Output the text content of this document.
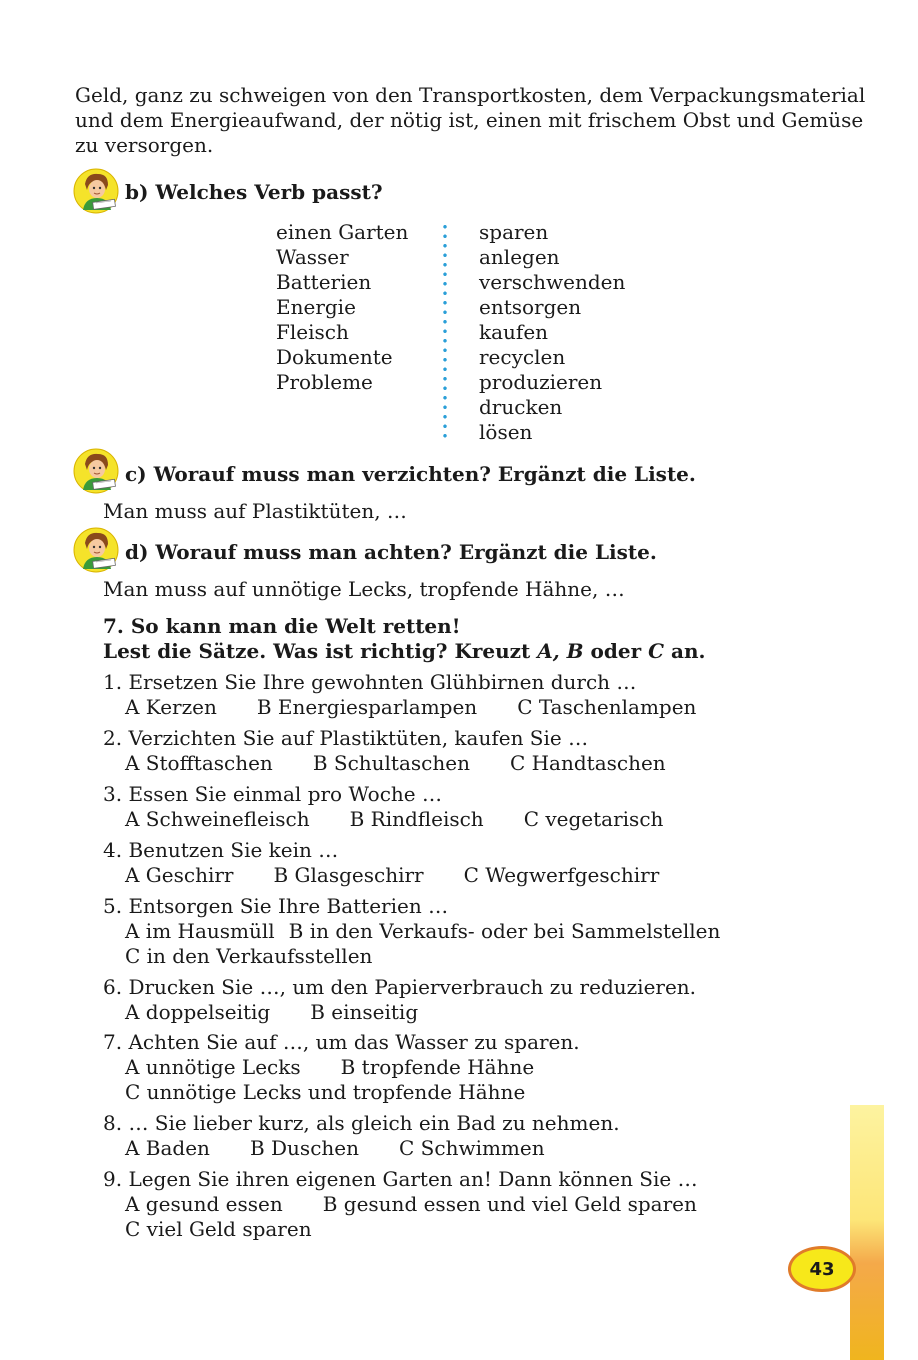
Geld, ganz zu schweigen von den Transportkosten, dem Verpackungsmaterial
und dem Energieaufwand, der nötig ist, einen mit frischem Obst und Gemüse
zu versorgen.
b) Welches Verb passt?
einen Garten
Wasser
Batterien
Energie
Fleisch
Dokumente
Probleme
sparen
anlegen
verschwenden
entsorgen
kaufen
recyclen
produzieren
drucken
lösen
c) Worauf muss man verzichten? Ergänzt die Liste.
Man muss auf Plastiktüten, …
d) Worauf muss man achten? Ergänzt die Liste.
Man muss auf unnötige Lecks, tropfende Hähne, …
7. So kann man die Welt retten!
Lest die Sätze. Was ist richtig? Kreuzt A, B oder C an.
1. Ersetzen Sie Ihre gewohnten Glühbirnen durch …
A Kerzen B Energiesparlampen C Taschenlampen
2. Verzichten Sie auf Plastiktüten, kaufen Sie …
A Stofftaschen B Schultaschen C Handtaschen
3. Essen Sie einmal pro Woche …
A Schweinefleisch B Rindfleisch C vegetarisch
4. Benutzen Sie kein …
A Geschirr B Glasgeschirr C Wegwerfgeschirr
5. Entsorgen Sie Ihre Batterien …
A im Hausmüll B in den Verkaufs- oder bei Sammelstellen
C in den Verkaufsstellen
6. Drucken Sie …, um den Papierverbrauch zu reduzieren.
A doppelseitig B einseitig
7. Achten Sie auf …, um das Wasser zu sparen.
A unnötige Lecks B tropfende Hähne
C unnötige Lecks und tropfende Hähne
8. … Sie lieber kurz, als gleich ein Bad zu nehmen.
A Baden B Duschen C Schwimmen
9. Legen Sie ihren eigenen Garten an! Dann können Sie …
A gesund essen B gesund essen und viel Geld sparen
C viel Geld sparen
43
